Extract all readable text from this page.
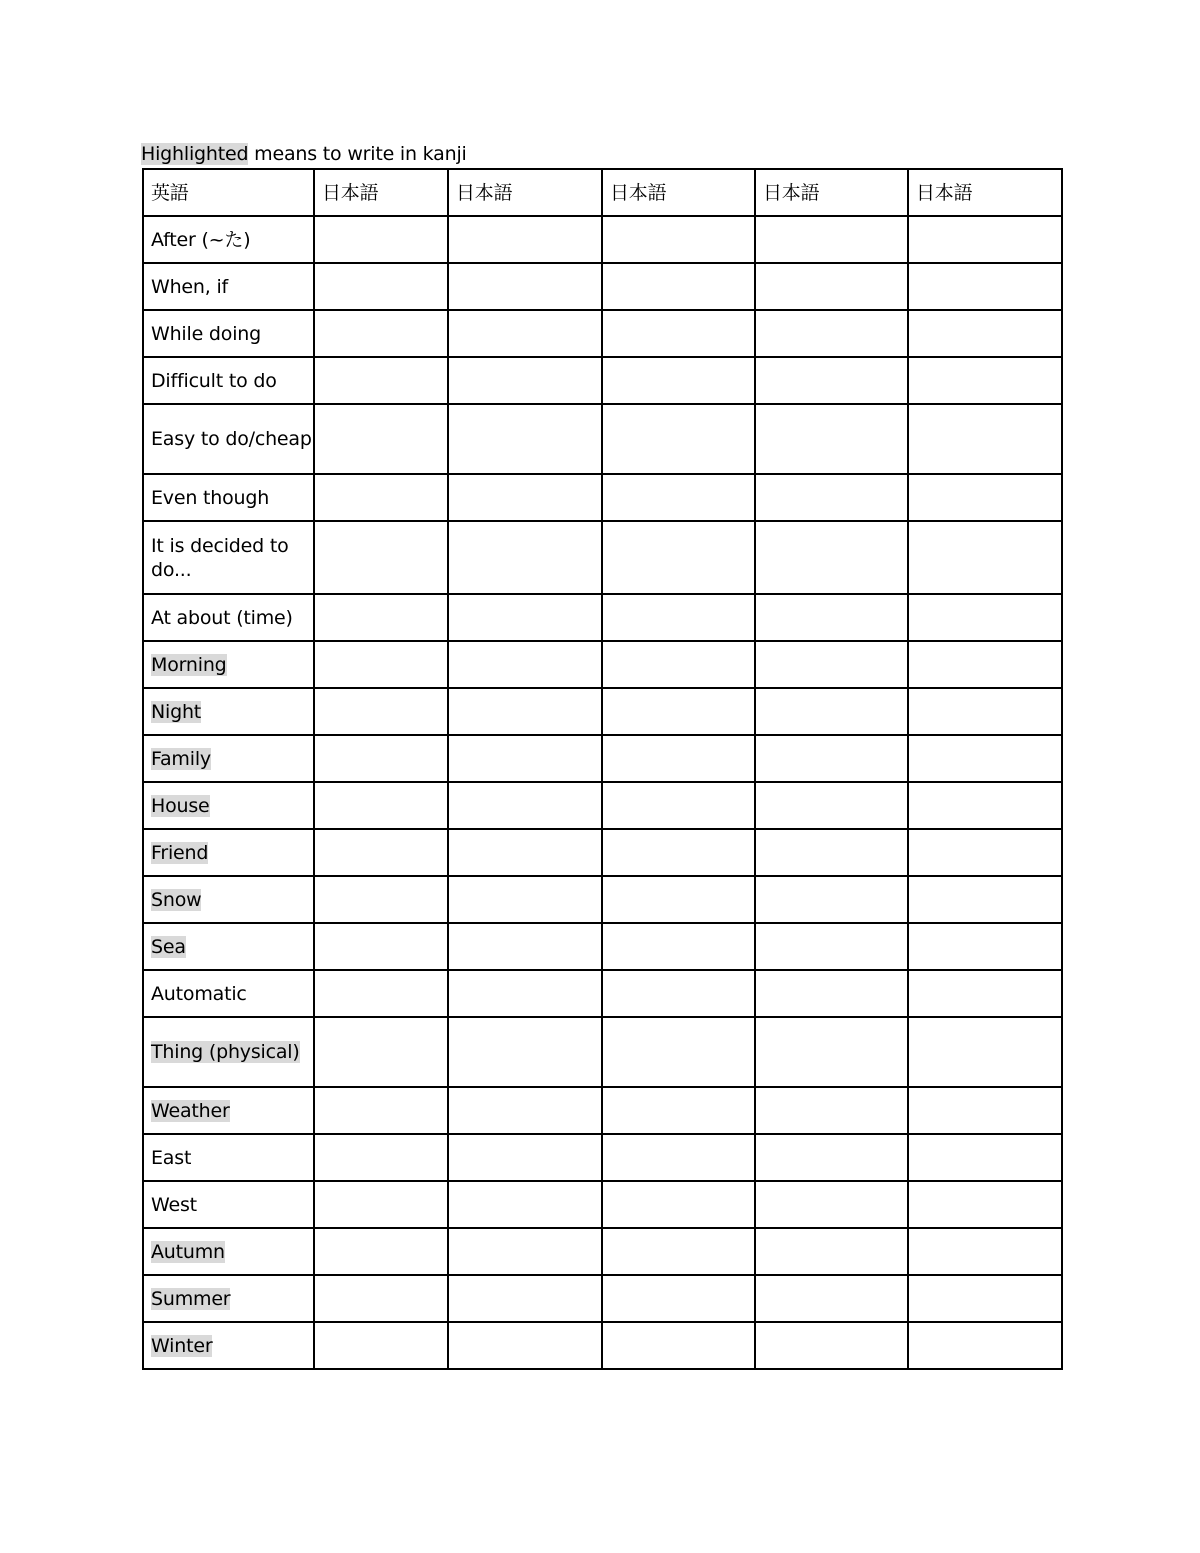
Highlighted means to write in kanji
英語	日本語	日本語	日本語	日本語	日本語
After (~た)					
When, if					
While doing					
Difficult to do					
Easy to do/cheap					
Even though					
It is decided to do...					
At about (time)					
Morning					
Night					
Family					
House					
Friend					
Snow					
Sea					
Automatic					
Thing (physical)					
Weather					
East					
West					
Autumn					
Summer					
Winter					
